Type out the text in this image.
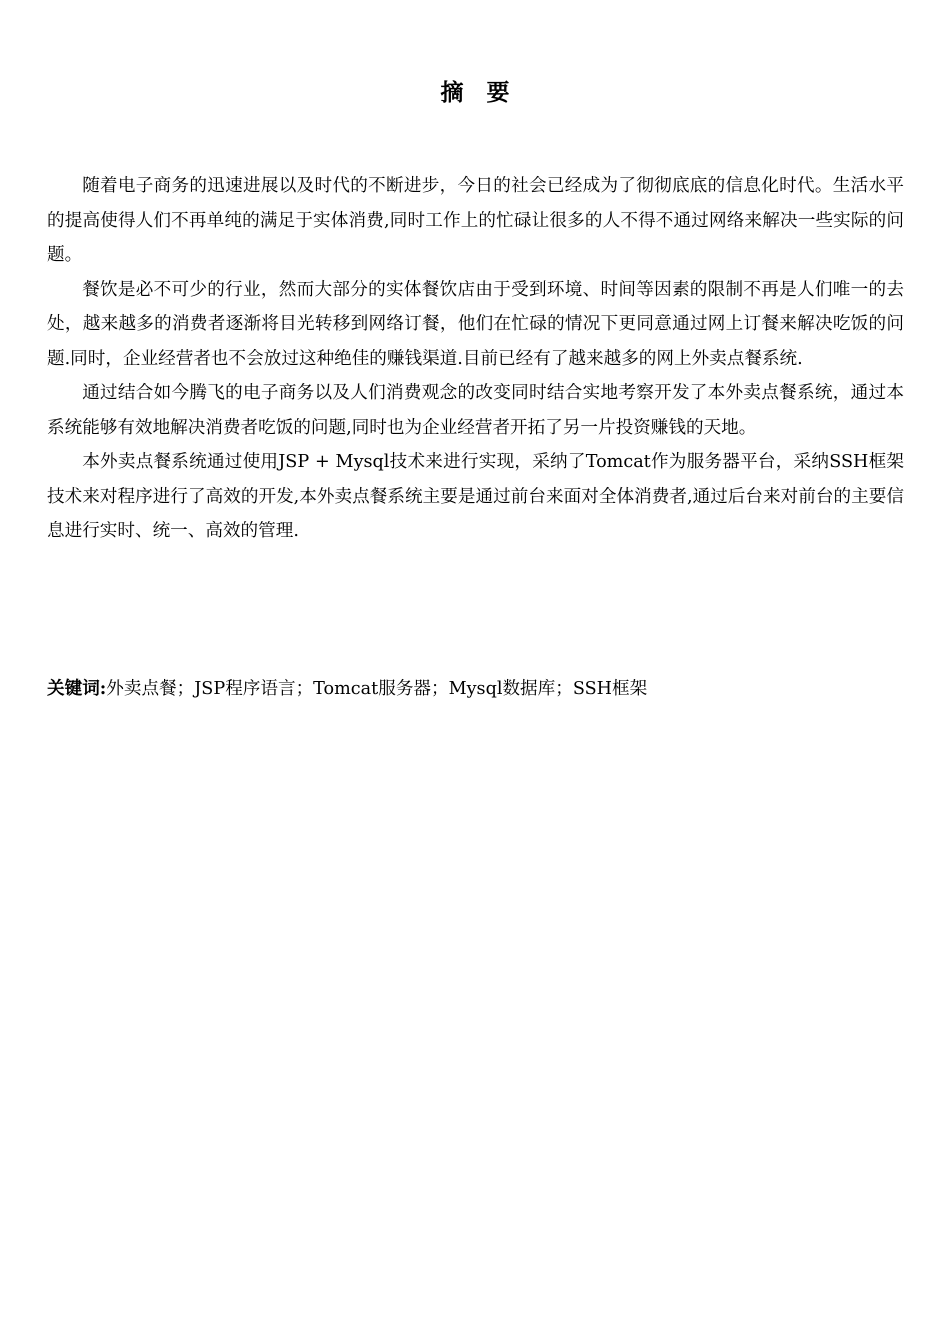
摘　要

随着电子商务的迅速进展以及时代的不断进步，今日的社会已经成为了彻彻底底的信息化时代。生活水平的提高使得人们不再单纯的满足于实体消费,同时工作上的忙碌让很多的人不得不通过网络来解决一些实际的问题。

餐饮是必不可少的行业，然而大部分的实体餐饮店由于受到环境、时间等因素的限制不再是人们唯一的去处，越来越多的消费者逐渐将目光转移到网络订餐，他们在忙碌的情况下更同意通过网上订餐来解决吃饭的问题.同时，企业经营者也不会放过这种绝佳的赚钱渠道.目前已经有了越来越多的网上外卖点餐系统.

通过结合如今腾飞的电子商务以及人们消费观念的改变同时结合实地考察开发了本外卖点餐系统，通过本系统能够有效地解决消费者吃饭的问题,同时也为企业经营者开拓了另一片投资赚钱的天地。

本外卖点餐系统通过使用JSP + Mysql技术来进行实现，采纳了Tomcat作为服务器平台，采纳SSH框架技术来对程序进行了高效的开发,本外卖点餐系统主要是通过前台来面对全体消费者,通过后台来对前台的主要信息进行实时、统一、高效的管理.

关键词:外卖点餐；JSP程序语言；Tomcat服务器；Mysql数据库；SSH框架
